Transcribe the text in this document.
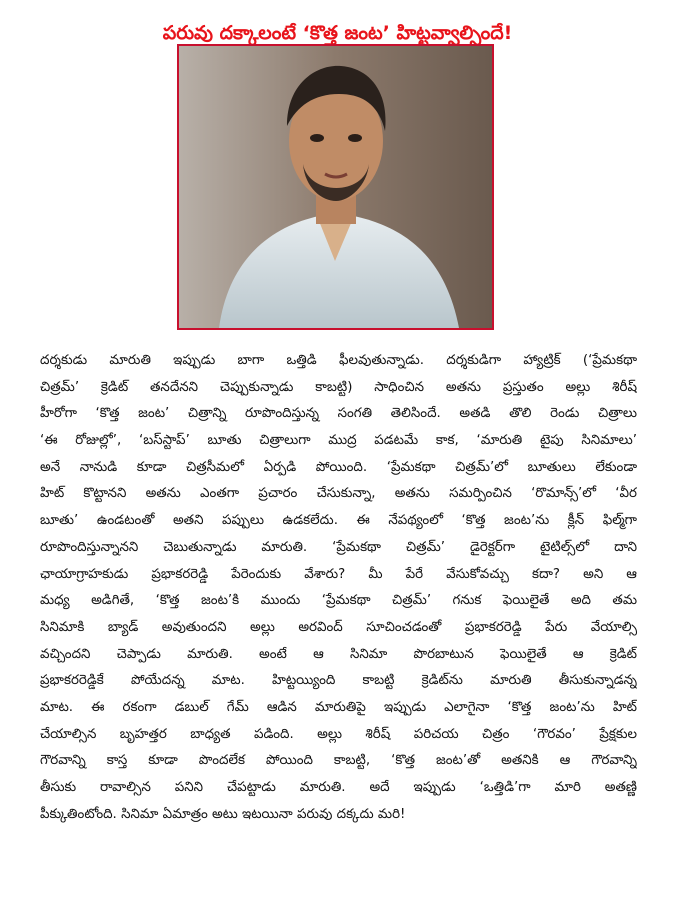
పరువు దక్కాలంటే ‘కొత్త జంట’ హిట్టవ్వాల్సిందే!
దర్శకుడు మారుతి ఇప్పుడు బాగా ఒత్తిడి ఫీలవుతున్నాడు. దర్శకుడిగా హ్యాట్రిక్ (‘ప్రేమకథా
చిత్రమ్’ క్రెడిట్ తనదేనని చెప్పుకున్నాడు కాబట్టి) సాధించిన అతను ప్రస్తుతం అల్లు శిరీష్
హీరోగా ‘కొత్త జంట’ చిత్రాన్ని రూపొందిస్తున్న సంగతి తెలిసిందే. అతడి తొలి రెండు చిత్రాలు
‘ఈ రోజుల్లో’, ‘బస్‌స్టాప్’ బూతు చిత్రాలుగా ముద్ర పడటమే కాక, ‘మారుతి టైపు సినిమాలు’
అనే నానుడి కూడా చిత్రసీమలో ఏర్పడి పోయింది. ‘ప్రేమకథా చిత్రమ్’లో బూతులు లేకుండా
హిట్ కొట్టానని అతను ఎంతగా ప్రచారం చేసుకున్నా, అతను సమర్పించిన ‘రొమాన్స్’లో ‘వీర
బూతు’ ఉండటంతో అతని పప్పులు ఉడకలేదు. ఈ నేపథ్యంలో ‘కొత్త జంట’ను క్లీన్ ఫిల్మ్‌గా
రూపొందిస్తున్నానని చెబుతున్నాడు మారుతి. ‘ప్రేమకథా చిత్రమ్’ డైరెక్టర్‌గా టైటిల్స్‌లో దాని
ఛాయాగ్రాహకుడు ప్రభాకరరెడ్డి పేరెందుకు వేశారు? మీ పేరే వేసుకోవచ్చు కదా? అని ఆ
మధ్య అడిగితే, ‘కొత్త జంట’కి ముందు ‘ప్రేమకథా చిత్రమ్’ గనుక ఫెయిలైతే అది తమ
సినిమాకి బ్యాడ్ అవుతుందని అల్లు అరవింద్ సూచించడంతో ప్రభాకరరెడ్డి పేరు వేయాల్సి
వచ్చిందని చెప్పాడు మారుతి. అంటే ఆ సినిమా పొరబాటున ఫెయిలైతే ఆ క్రెడిట్
ప్రభాకరరెడ్డికే పోయేదన్న మాట. హిట్టయ్యింది కాబట్టి క్రెడిట్‌ను మారుతి తీసుకున్నాడన్న
మాట. ఈ రకంగా డబుల్ గేమ్ ఆడిన మారుతిపై ఇప్పుడు ఎలాగైనా ‘కొత్త జంట’ను హిట్
చేయాల్సిన బృహత్తర బాధ్యత పడింది. అల్లు శిరీష్ పరిచయ చిత్రం ‘గౌరవం’ ప్రేక్షకుల
గౌరవాన్ని కాస్త కూడా పొందలేక పోయింది కాబట్టి, ‘కొత్త జంట’తో అతనికి ఆ గౌరవాన్ని
తీసుకు రావాల్సిన పనిని చేపట్టాడు మారుతి. అదే ఇప్పుడు ‘ఒత్తిడి’గా మారి అతణ్ణి
పీక్కుతింటోంది. సినిమా ఏమాత్రం అటు ఇటయినా పరువు దక్కదు మరి!
